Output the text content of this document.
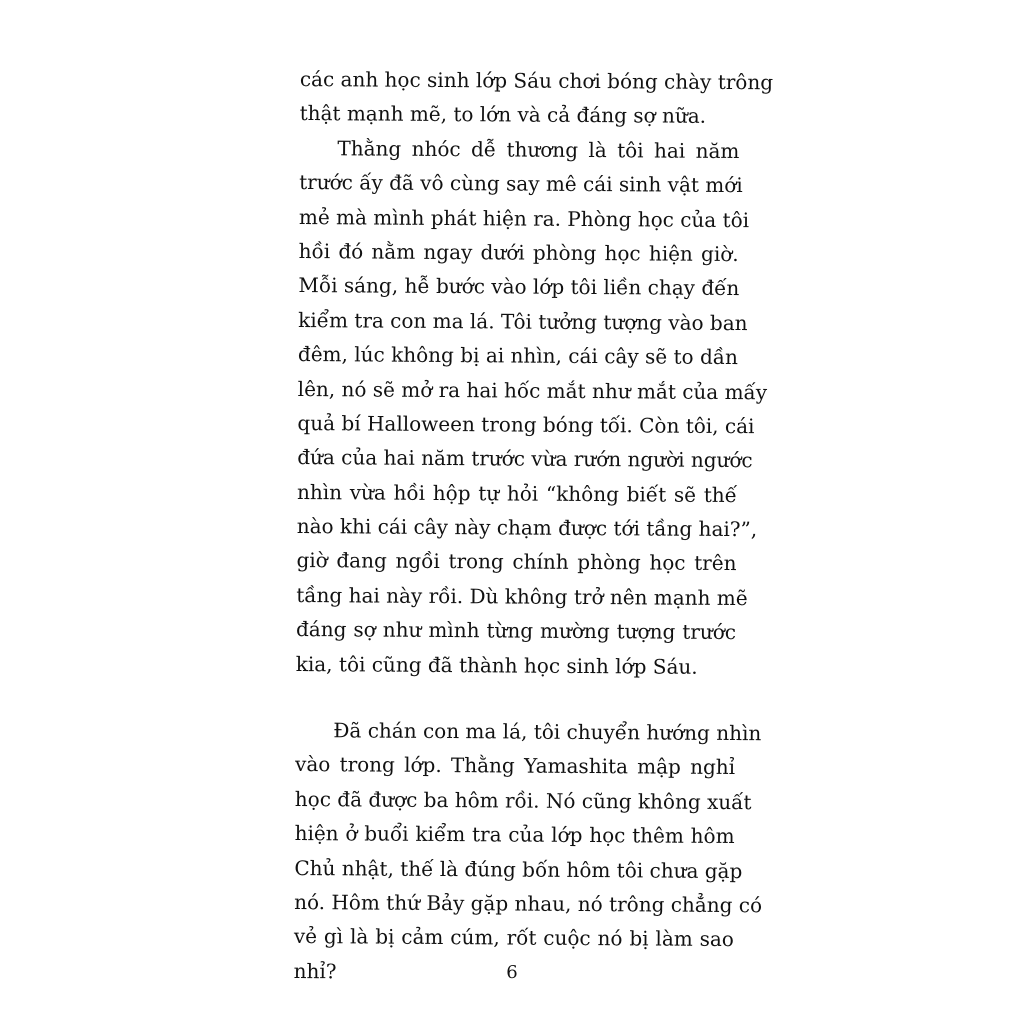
các anh học sinh lớp Sáu chơi bóng chày trông
thật mạnh mẽ, to lớn và cả đáng sợ nữa.
Thằng nhóc dễ thương là tôi hai năm
trước ấy đã vô cùng say mê cái sinh vật mới
mẻ mà mình phát hiện ra. Phòng học của tôi
hồi đó nằm ngay dưới phòng học hiện giờ.
Mỗi sáng, hễ bước vào lớp tôi liền chạy đến
kiểm tra con ma lá. Tôi tưởng tượng vào ban
đêm, lúc không bị ai nhìn, cái cây sẽ to dần
lên, nó sẽ mở ra hai hốc mắt như mắt của mấy
quả bí Halloween trong bóng tối. Còn tôi, cái
đứa của hai năm trước vừa rướn người ngước
nhìn vừa hồi hộp tự hỏi “không biết sẽ thế
nào khi cái cây này chạm được tới tầng hai?”,
giờ đang ngồi trong chính phòng học trên
tầng hai này rồi. Dù không trở nên mạnh mẽ
đáng sợ như mình từng mường tượng trước
kia, tôi cũng đã thành học sinh lớp Sáu.
Đã chán con ma lá, tôi chuyển hướng nhìn
vào trong lớp. Thằng Yamashita mập nghỉ
học đã được ba hôm rồi. Nó cũng không xuất
hiện ở buổi kiểm tra của lớp học thêm hôm
Chủ nhật, thế là đúng bốn hôm tôi chưa gặp
nó. Hôm thứ Bảy gặp nhau, nó trông chẳng có
vẻ gì là bị cảm cúm, rốt cuộc nó bị làm sao
nhỉ?	6
